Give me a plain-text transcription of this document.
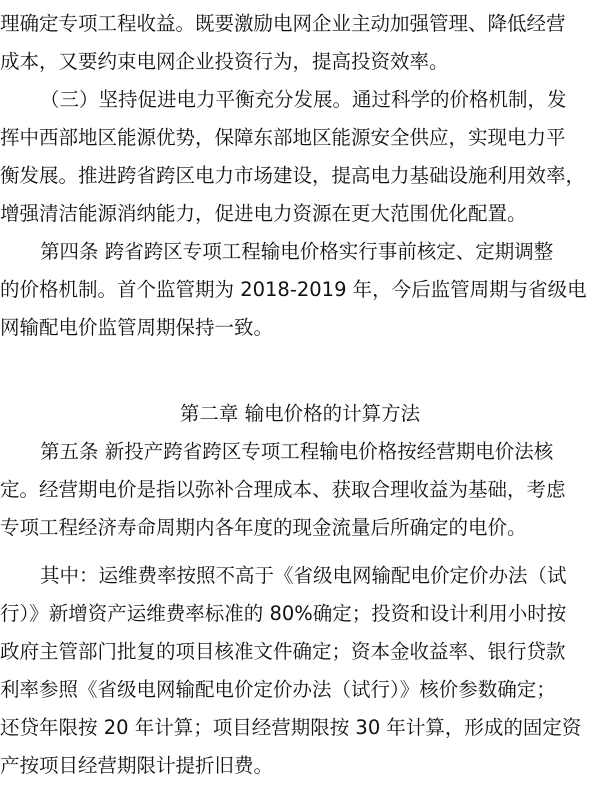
理确定专项工程收益。既要激励电网企业主动加强管理、降低经营
成本，又要约束电网企业投资行为，提高投资效率。
（三）坚持促进电力平衡充分发展。通过科学的价格机制，发
挥中西部地区能源优势，保障东部地区能源安全供应，实现电力平
衡发展。推进跨省跨区电力市场建设，提高电力基础设施利用效率，
增强清洁能源消纳能力，促进电力资源在更大范围优化配置。
第四条 跨省跨区专项工程输电价格实行事前核定、定期调整
的价格机制。首个监管期为 2018-2019 年，今后监管周期与省级电
网输配电价监管周期保持一致。
第二章 输电价格的计算方法
第五条 新投产跨省跨区专项工程输电价格按经营期电价法核
定。经营期电价是指以弥补合理成本、获取合理收益为基础，考虑
专项工程经济寿命周期内各年度的现金流量后所确定的电价。
其中：运维费率按照不高于《省级电网输配电价定价办法（试
行）》新增资产运维费率标准的 80%确定；投资和设计利用小时按
政府主管部门批复的项目核准文件确定；资本金收益率、银行贷款
利率参照《省级电网输配电价定价办法（试行）》核价参数确定；
还贷年限按 20 年计算；项目经营期限按 30 年计算，形成的固定资
产按项目经营期限计提折旧费。
